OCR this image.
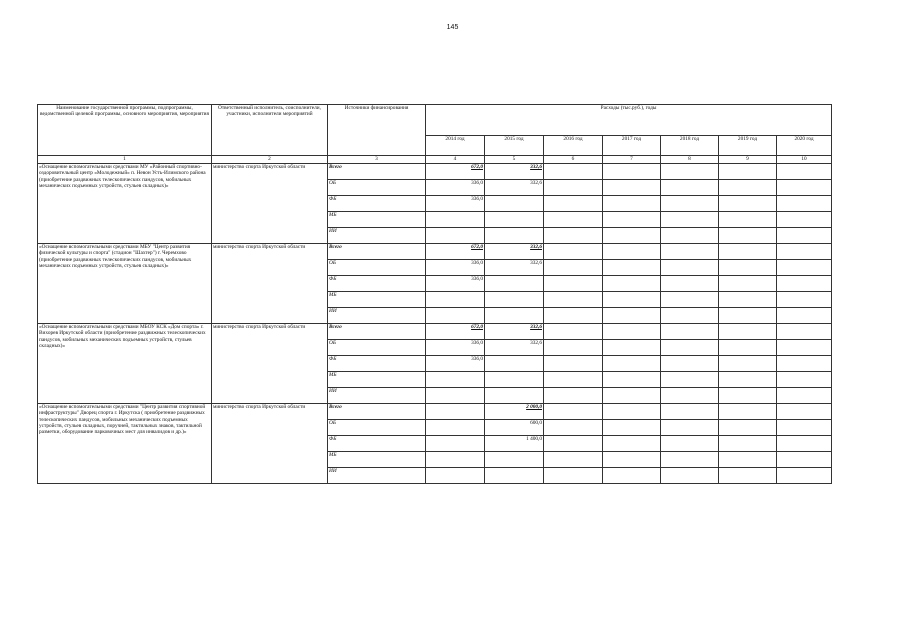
145
Наименование государственной программы, подпрограммы, ведомственной целевой программы, основного мероприятия, мероприятия	Ответственный исполнитель, соисполнители, участники, исполнители мероприятий	Источники финансирования	Расходы (тыс.руб.), годы						
			2014 год	2015 год	2016 год	2017 год	2018 год	2019 год	2020 год
1	2	3	4	5	6	7	8	9	10
«Оснащение вспомогательными средствами МУ «Районный спортивно-оздоровительный центр «Молодежный» п. Невон Усть-Илимского района (приобретение раздвижных телескопических пандусов, мобильных механических подъемных устройств, стульев складных)»	министерство спорта Иркутской области	Всего	672,0	332,6					
		ОБ	336,0	332,6					
		ФБ	336,0						
		МБ							
		ИИ							
«Оснащение вспомогательными средствами МБУ "Центр развития физической культуры и спорта" (стадион "Шахтер") г. Черемхово (приобретение раздвижных телескопических пандусов, мобильных механических подъемных устройств, стульев складных)»	министерство спорта Иркутской области	Всего	672,0	332,6					
		ОБ	336,0	332,6					
		ФБ	336,0						
		МБ							
		ИИ							
«Оснащение вспомогательными средствами МБОУ КСК «Дом спорта» г. Вихорев Иркутской области (приобретение раздвижных телескопических пандусов, мобильных механических подъемных устройств, стульев складных)»	министерство спорта Иркутской области	Всего	672,0	332,6					
		ОБ	336,0	332,6					
		ФБ	336,0						
		МБ							
		ИИ							
«Оснащение вспомогательными средствами "Центр развития спортивной инфраструктуры" Дворец спорта г. Иркутска ( приобретение раздвижных телескопических пандусов, мобильных механических подъемных устройств, стульев складных, поручней, тактильных знаков, тактильной разметки, оборудование парковочных мест для инвалидов и др.)»	министерство спорта Иркутской области	Всего		2 000,0					
		ОБ		600,0					
		ФБ		1 400,0					
		МБ							
		ИИ							
